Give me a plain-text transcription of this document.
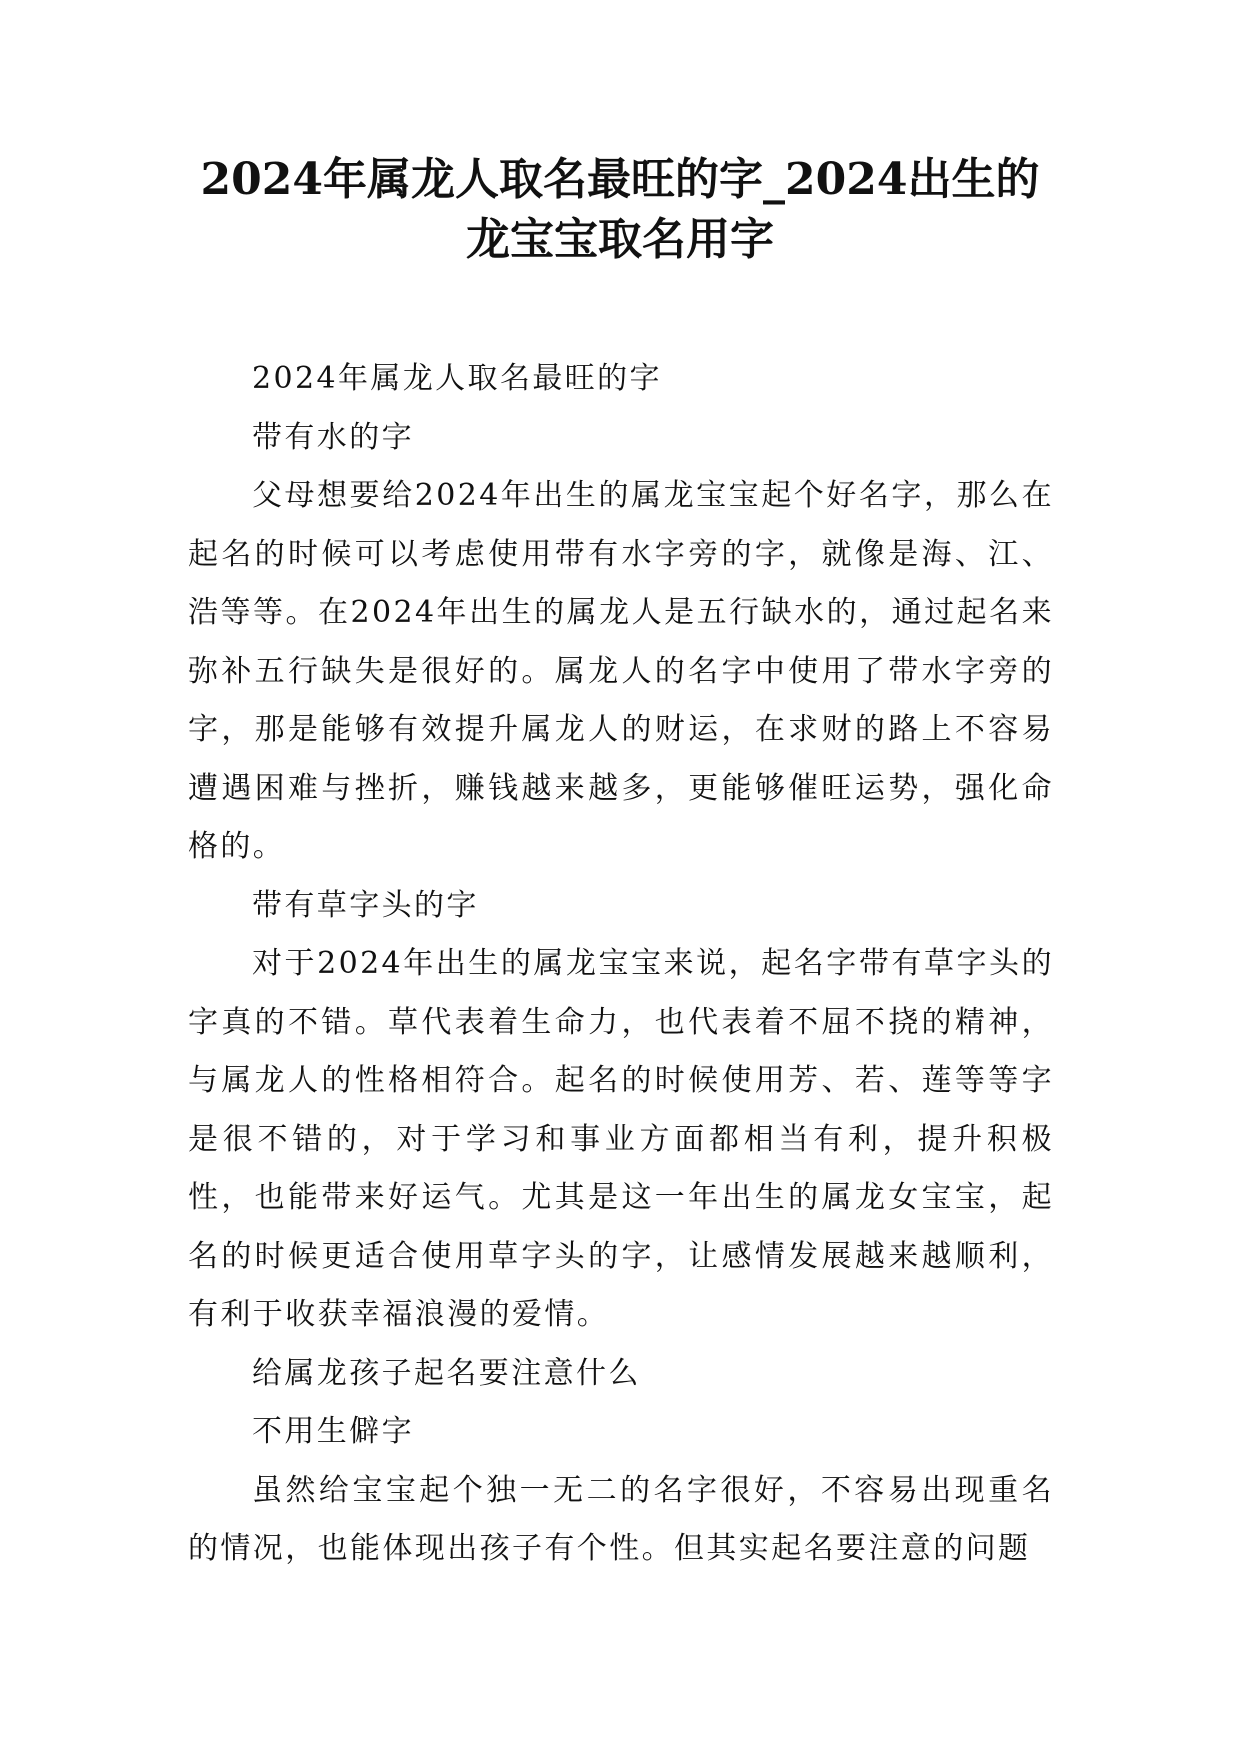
2024年属龙人取名最旺的字_2024出生的龙宝宝取名用字

2024年属龙人取名最旺的字

带有水的字

父母想要给2024年出生的属龙宝宝起个好名字，那么在起名的时候可以考虑使用带有水字旁的字，就像是海、江、浩等等。在2024年出生的属龙人是五行缺水的，通过起名来弥补五行缺失是很好的。属龙人的名字中使用了带水字旁的字，那是能够有效提升属龙人的财运，在求财的路上不容易遭遇困难与挫折，赚钱越来越多，更能够催旺运势，强化命格的。

带有草字头的字

对于2024年出生的属龙宝宝来说，起名字带有草字头的字真的不错。草代表着生命力，也代表着不屈不挠的精神，与属龙人的性格相符合。起名的时候使用芳、若、莲等等字是很不错的，对于学习和事业方面都相当有利，提升积极性，也能带来好运气。尤其是这一年出生的属龙女宝宝，起名的时候更适合使用草字头的字，让感情发展越来越顺利，有利于收获幸福浪漫的爱情。

给属龙孩子起名要注意什么

不用生僻字

虽然给宝宝起个独一无二的名字很好，不容易出现重名的情况，也能体现出孩子有个性。但其实起名要注意的问题
